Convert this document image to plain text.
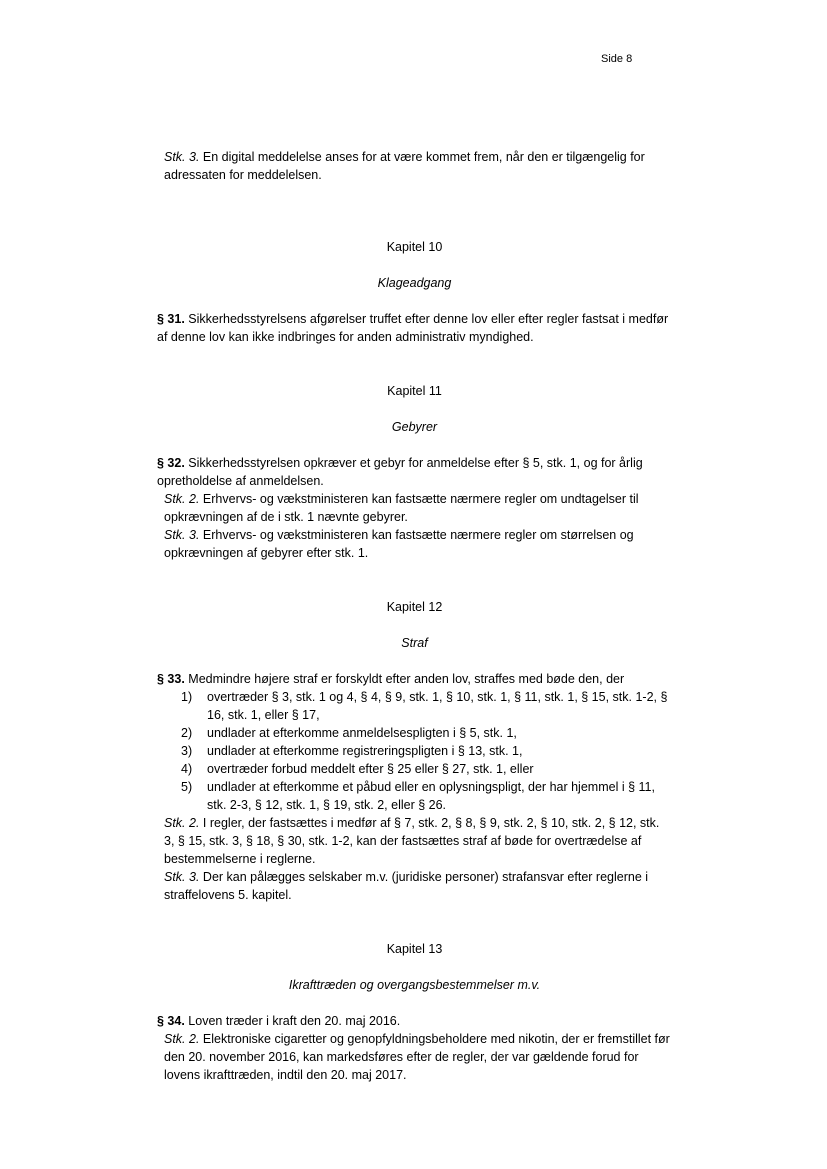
Side 8

Stk. 3. En digital meddelelse anses for at være kommet frem, når den er tilgængelig for adressaten for meddelelsen.

Kapitel 10

Klageadgang

§ 31. Sikkerhedsstyrelsens afgørelser truffet efter denne lov eller efter regler fastsat i medfør af denne lov kan ikke indbringes for anden administrativ myndighed.

Kapitel 11

Gebyrer

§ 32. Sikkerhedsstyrelsen opkræver et gebyr for anmeldelse efter § 5, stk. 1, og for årlig opretholdelse af anmeldelsen.

Stk. 2. Erhvervs- og vækstministeren kan fastsætte nærmere regler om undtagelser til opkrævningen af de i stk. 1 nævnte gebyrer.

Stk. 3. Erhvervs- og vækstministeren kan fastsætte nærmere regler om størrelsen og opkrævningen af gebyrer efter stk. 1.

Kapitel 12

Straf

§ 33. Medmindre højere straf er forskyldt efter anden lov, straffes med bøde den, der

1) overtræder § 3, stk. 1 og 4, § 4, § 9, stk. 1, § 10, stk. 1, § 11, stk. 1, § 15, stk. 1-2, § 16, stk. 1, eller § 17,
2) undlader at efterkomme anmeldelsespligten i § 5, stk. 1,
3) undlader at efterkomme registreringspligten i § 13, stk. 1,
4) overtræder forbud meddelt efter § 25 eller § 27, stk. 1, eller
5) undlader at efterkomme et påbud eller en oplysningspligt, der har hjemmel i § 11, stk. 2-3, § 12, stk. 1, § 19, stk. 2, eller § 26.

Stk. 2. I regler, der fastsættes i medfør af § 7, stk. 2, § 8, § 9, stk. 2, § 10, stk. 2, § 12, stk. 3, § 15, stk. 3, § 18, § 30, stk. 1-2, kan der fastsættes straf af bøde for overtrædelse af bestemmelserne i reglerne.

Stk. 3. Der kan pålægges selskaber m.v. (juridiske personer) strafansvar efter reglerne i straffelovens 5. kapitel.

Kapitel 13

Ikrafttræden og overgangsbestemmelser m.v.

§ 34. Loven træder i kraft den 20. maj 2016.

Stk. 2. Elektroniske cigaretter og genopfyldningsbeholdere med nikotin, der er fremstillet før den 20. november 2016, kan markedsføres efter de regler, der var gældende forud for lovens ikrafttræden, indtil den 20. maj 2017.
